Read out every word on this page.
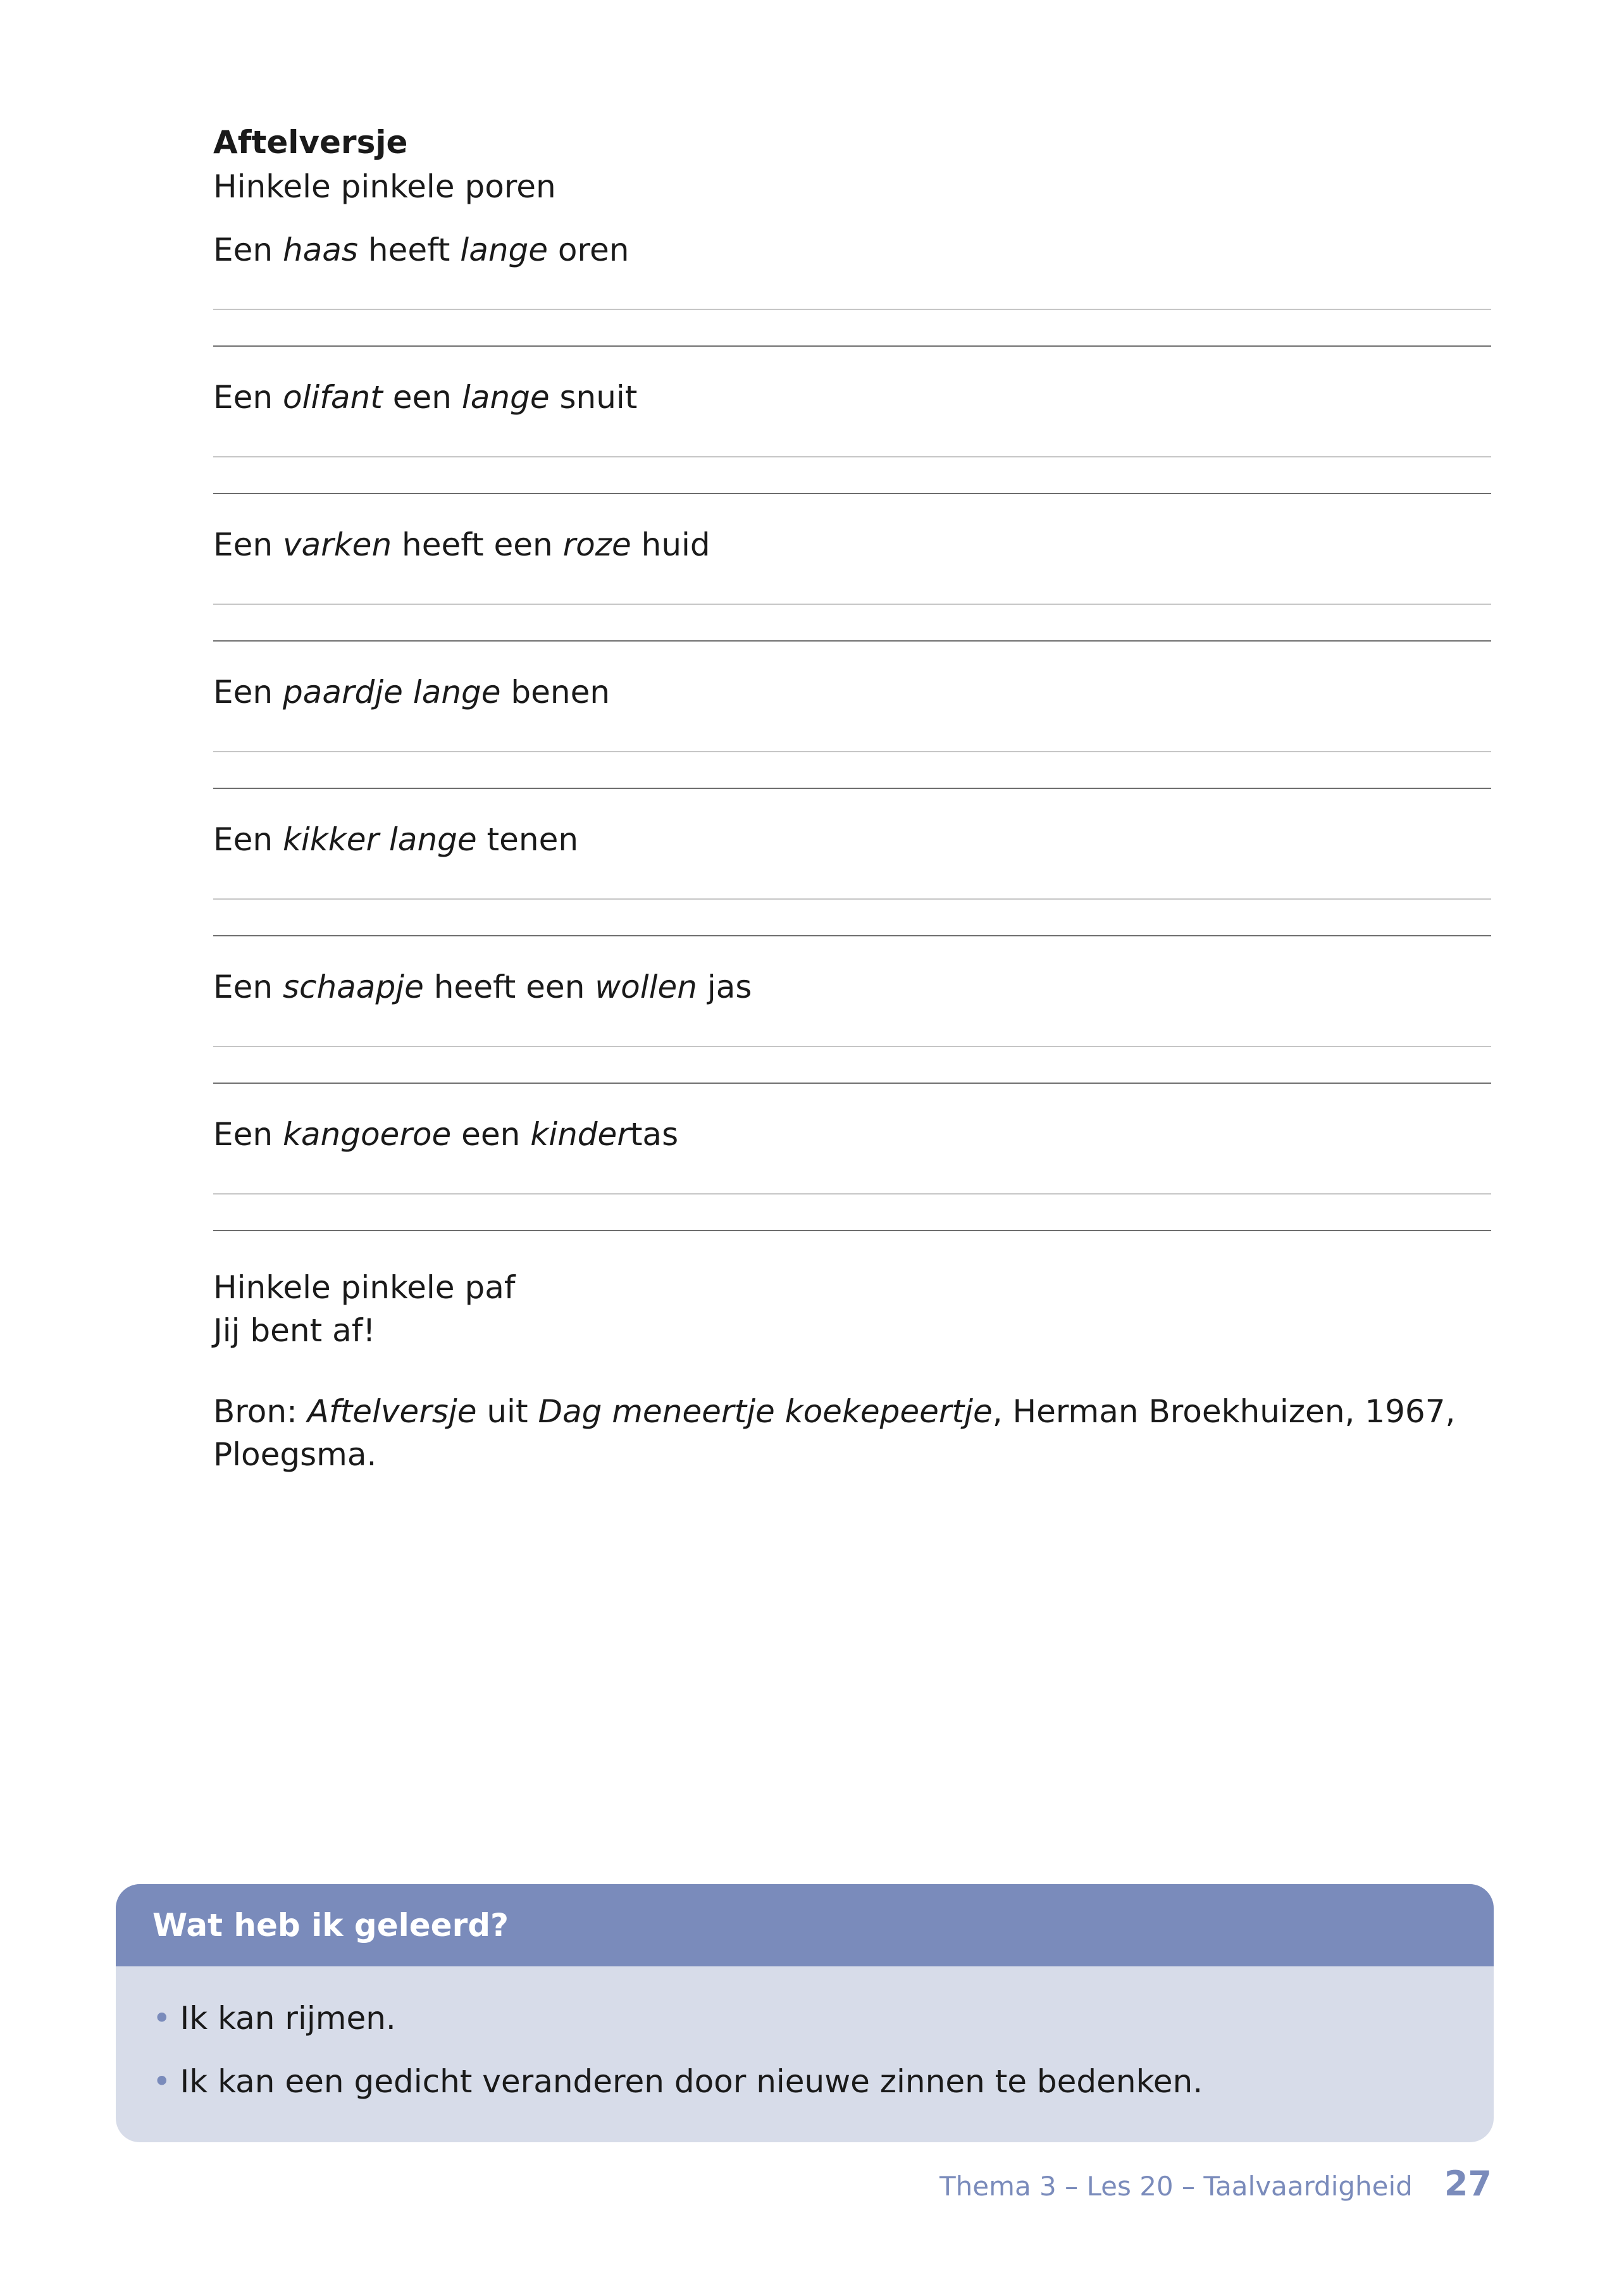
Aftelversje

Hinkele pinkele poren

Een haas heeft lange oren

Een olifant een lange snuit

Een varken heeft een roze huid

Een paardje lange benen

Een kikker lange tenen

Een schaapje heeft een wollen jas

Een kangoeroe een kindertas

Hinkele pinkele paf
Jij bent af!
Bron: Aftelversje uit Dag meneertje koekepeertje, Herman Broekhuizen, 1967, Ploegsma.
Wat heb ik geleerd?
• Ik kan rijmen.
• Ik kan een gedicht veranderen door nieuwe zinnen te bedenken.
Thema 3 – Les 20 – Taalvaardigheid 27
